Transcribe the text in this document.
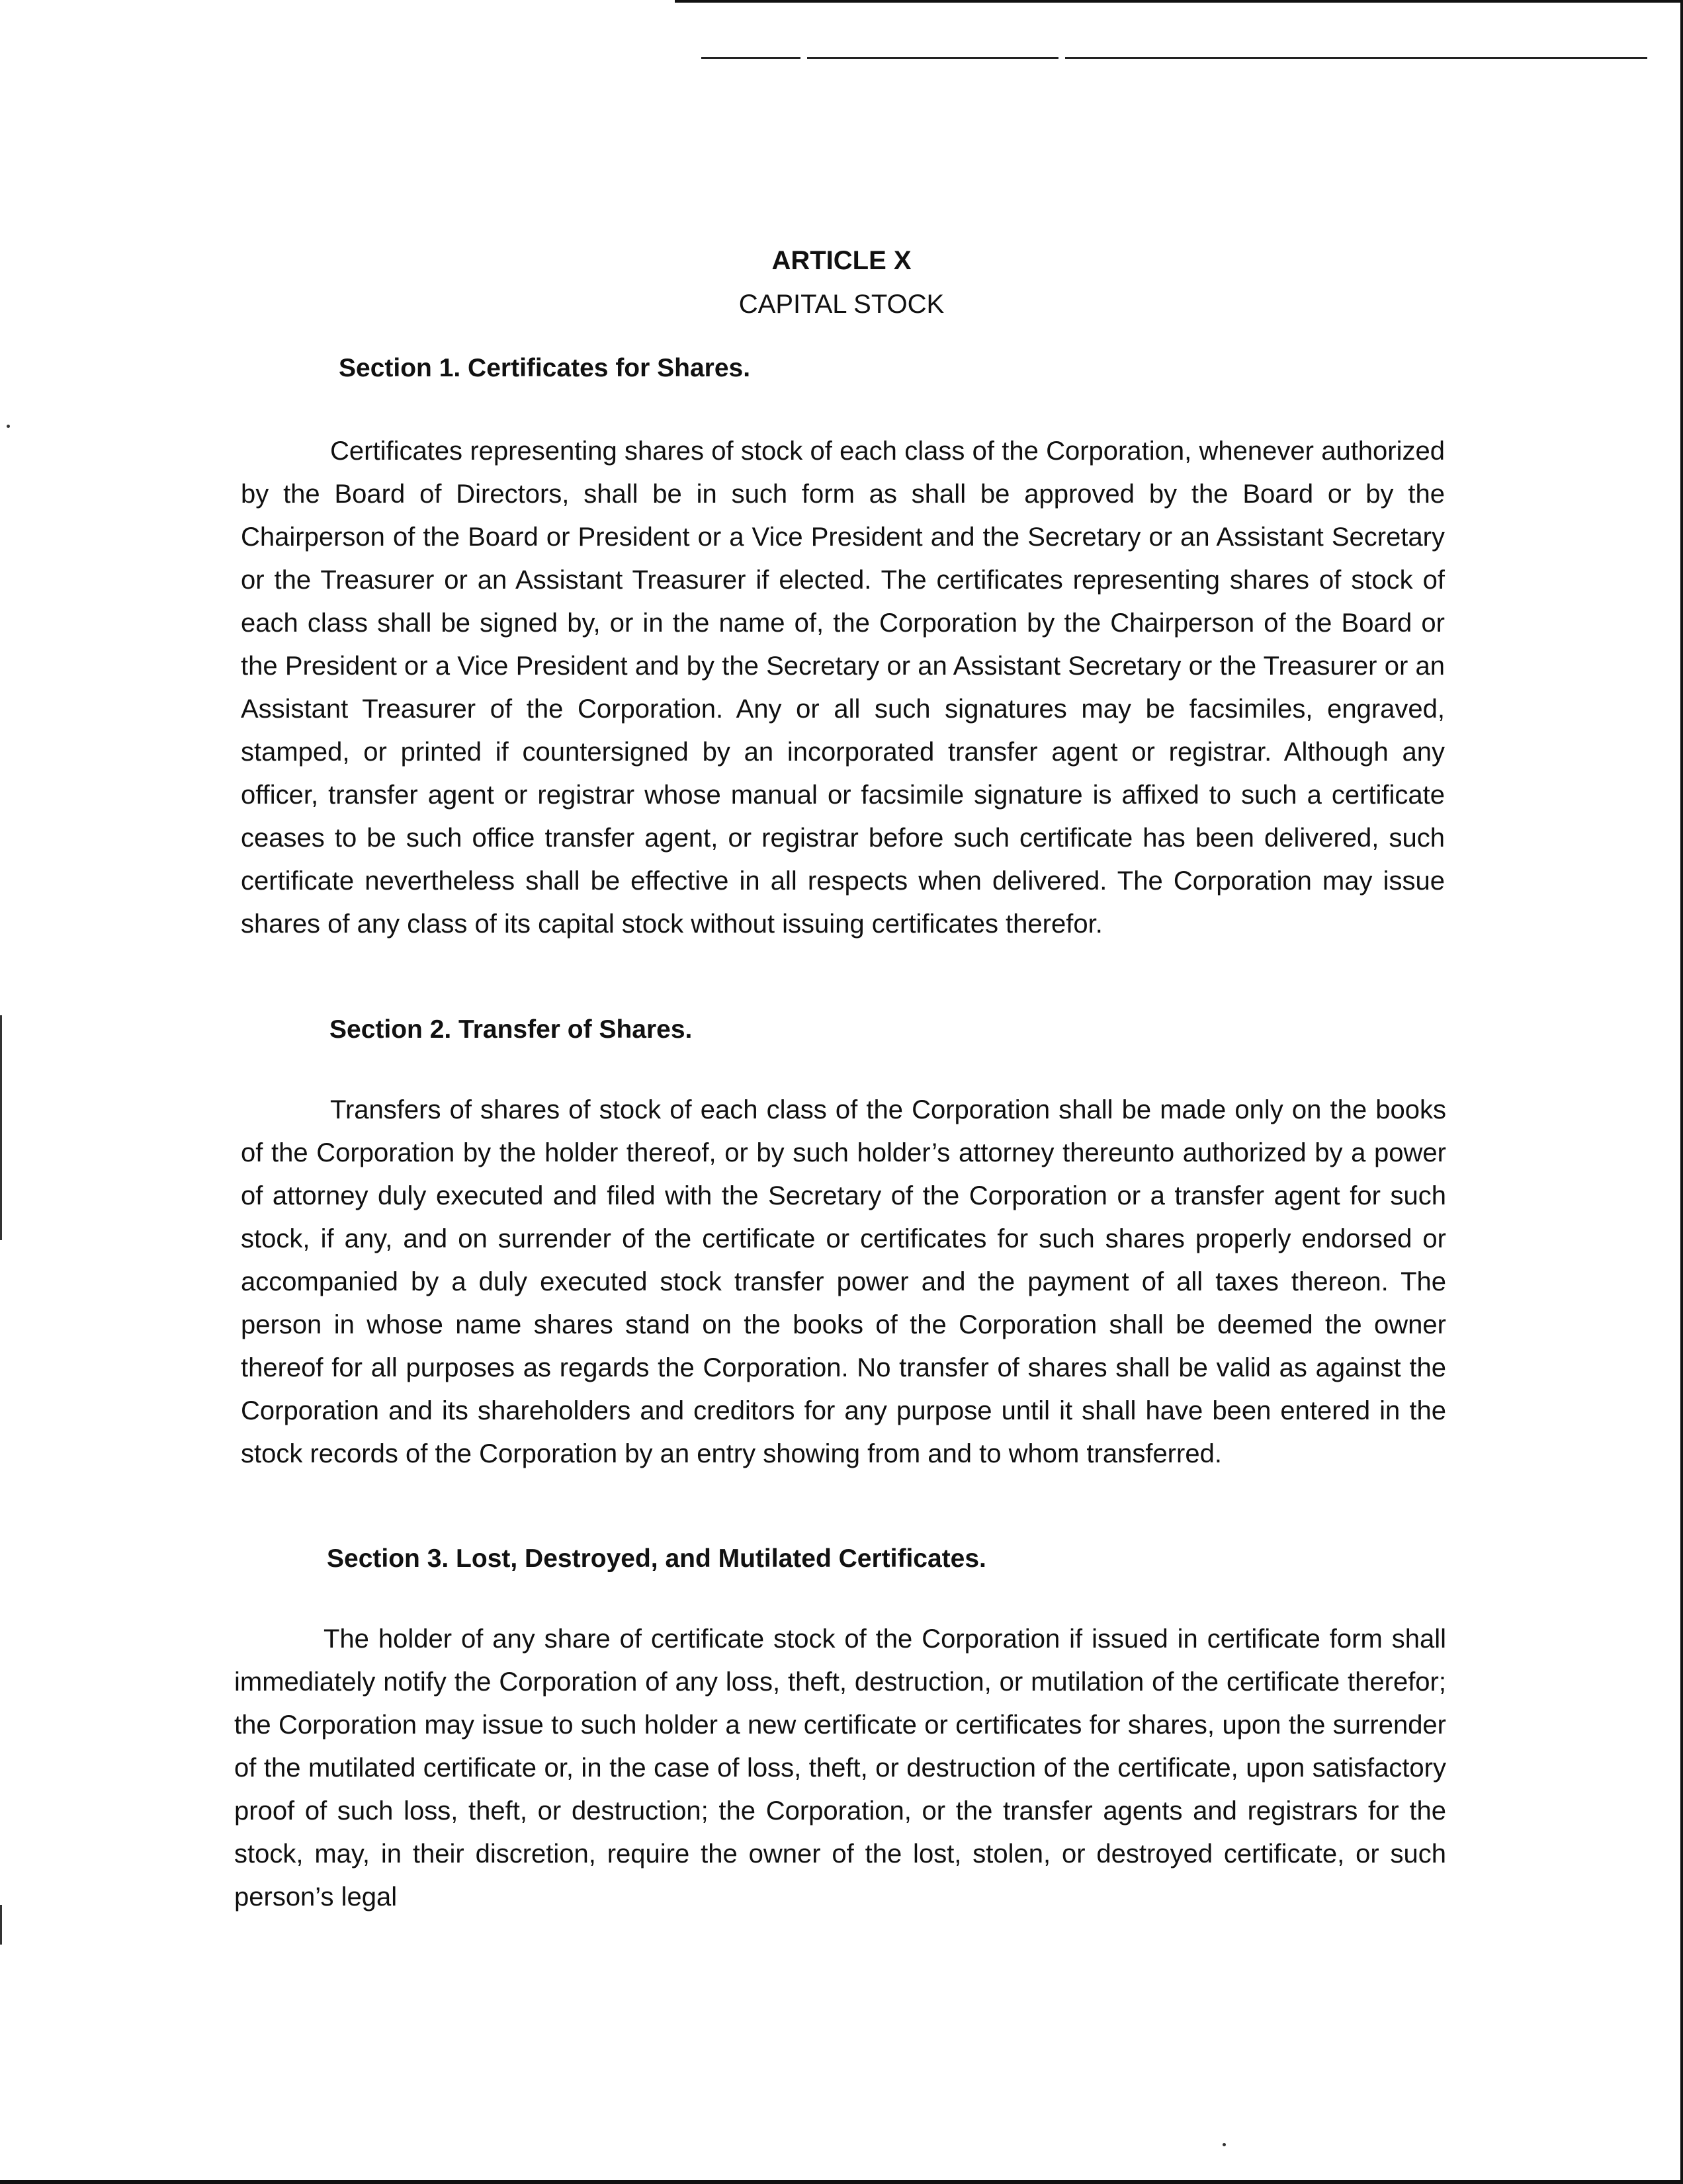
ARTICLE X
CAPITAL STOCK
Section 1. Certificates for Shares.

Certificates representing shares of stock of each class of the Corporation, whenever authorized by the Board of Directors, shall be in such form as shall be approved by the Board or by the Chairperson of the Board or President or a Vice President and the Secretary or an Assistant Secretary or the Treasurer or an Assistant Treasurer if elected. The certificates representing shares of stock of each class shall be signed by, or in the name of, the Corporation by the Chairperson of the Board or the President or a Vice President and by the Secretary or an Assistant Secretary or the Treasurer or an Assistant Treasurer of the Corporation. Any or all such signatures may be facsimiles, engraved, stamped, or printed if countersigned by an incorporated transfer agent or registrar. Although any officer, transfer agent or registrar whose manual or facsimile signature is affixed to such a certificate ceases to be such office transfer agent, or registrar before such certificate has been delivered, such certificate nevertheless shall be effective in all respects when delivered. The Corporation may issue shares of any class of its capital stock without issuing certificates therefor.

Section 2. Transfer of Shares.

Transfers of shares of stock of each class of the Corporation shall be made only on the books of the Corporation by the holder thereof, or by such holder’s attorney thereunto authorized by a power of attorney duly executed and filed with the Secretary of the Corporation or a transfer agent for such stock, if any, and on surrender of the certificate or certificates for such shares properly endorsed or accompanied by a duly executed stock transfer power and the payment of all taxes thereon. The person in whose name shares stand on the books of the Corporation shall be deemed the owner thereof for all purposes as regards the Corporation. No transfer of shares shall be valid as against the Corporation and its shareholders and creditors for any purpose until it shall have been entered in the stock records of the Corporation by an entry showing from and to whom transferred.

Section 3. Lost, Destroyed, and Mutilated Certificates.

The holder of any share of certificate stock of the Corporation if issued in certificate form shall immediately notify the Corporation of any loss, theft, destruction, or mutilation of the certificate therefor; the Corporation may issue to such holder a new certificate or certificates for shares, upon the surrender of the mutilated certificate or, in the case of loss, theft, or destruction of the certificate, upon satisfactory proof of such loss, theft, or destruction; the Corporation, or the transfer agents and registrars for the stock, may, in their discretion, require the owner of the lost, stolen, or destroyed certificate, or such person’s legal
